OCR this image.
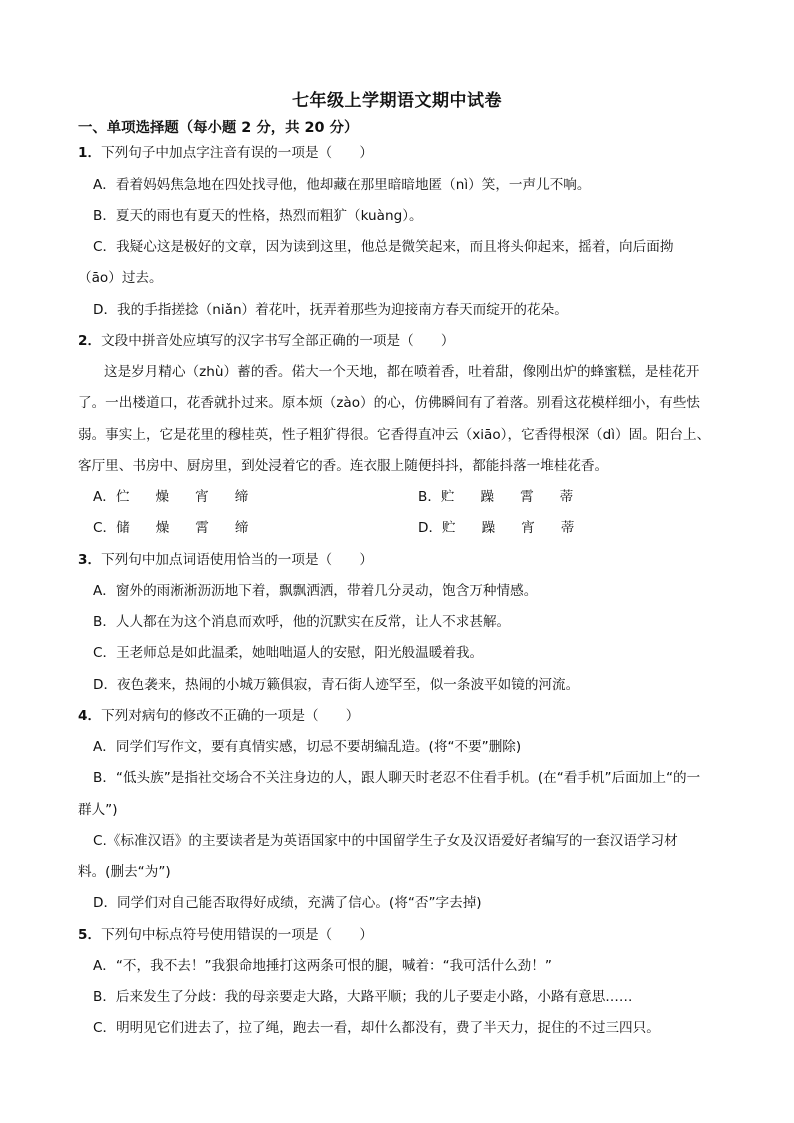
七年级上学期语文期中试卷
一、单项选择题（每小题 2 分，共 20 分）
1．下列句子中加点字注音有误的一项是（　　）
A．看着妈妈焦急地在四处找寻他，他却藏在那里暗暗地匿（nì）笑，一声儿不响。
B．夏天的雨也有夏天的性格，热烈而粗犷（kuàng）。
C．我疑心这是极好的文章，因为读到这里，他总是微笑起来，而且将头仰起来，摇着，向后面拗
（āo）过去。
D．我的手指搓捻（niǎn）着花叶，抚弄着那些为迎接南方春天而绽开的花朵。
2．文段中拼音处应填写的汉字书写全部正确的一项是（　　）
这是岁月精心（zhù）蓄的香。偌大一个天地，都在喷着香，吐着甜，像刚出炉的蜂蜜糕，是桂花开
了。一出楼道口，花香就扑过来。原本烦（zào）的心，仿佛瞬间有了着落。别看这花模样细小，有些怯
弱。事实上，它是花里的穆桂英，性子粗犷得很。它香得直冲云（xiāo），它香得根深（dì）固。阳台上、
客厅里、书房中、厨房里，到处浸着它的香。连衣服上随便抖抖，都能抖落一堆桂花香。
A．伫 燥 宵 缔	B．贮 躁 霄 蒂
C．储 燥 霄 缔	D．贮 躁 宵 蒂
3．下列句中加点词语使用恰当的一项是（　　）
A．窗外的雨淅淅沥沥地下着，飘飘洒洒，带着几分灵动，饱含万种情感。
B．人人都在为这个消息而欢呼，他的沉默实在反常，让人不求甚解。
C．王老师总是如此温柔，她咄咄逼人的安慰，阳光般温暖着我。
D．夜色袭来，热闹的小城万籁俱寂，青石街人迹罕至，似一条波平如镜的河流。
4．下列对病句的修改不正确的一项是（　　）
A．同学们写作文，要有真情实感，切忌不要胡编乱造。(将“不要”删除)
B．“低头族”是指社交场合不关注身边的人，跟人聊天时老忍不住看手机。(在“看手机”后面加上“的一
群人”)
C.《标准汉语》的主要读者是为英语国家中的中国留学生子女及汉语爱好者编写的一套汉语学习材
料。(删去“为”)
D．同学们对自己能否取得好成绩，充满了信心。(将“否”字去掉)
5．下列句中标点符号使用错误的一项是（　　）
A．“不，我不去！”我狠命地捶打这两条可恨的腿，喊着：“我可活什么劲！”
B．后来发生了分歧：我的母亲要走大路，大路平顺；我的儿子要走小路，小路有意思……
C．明明见它们进去了，拉了绳，跑去一看，却什么都没有，费了半天力，捉住的不过三四只。
